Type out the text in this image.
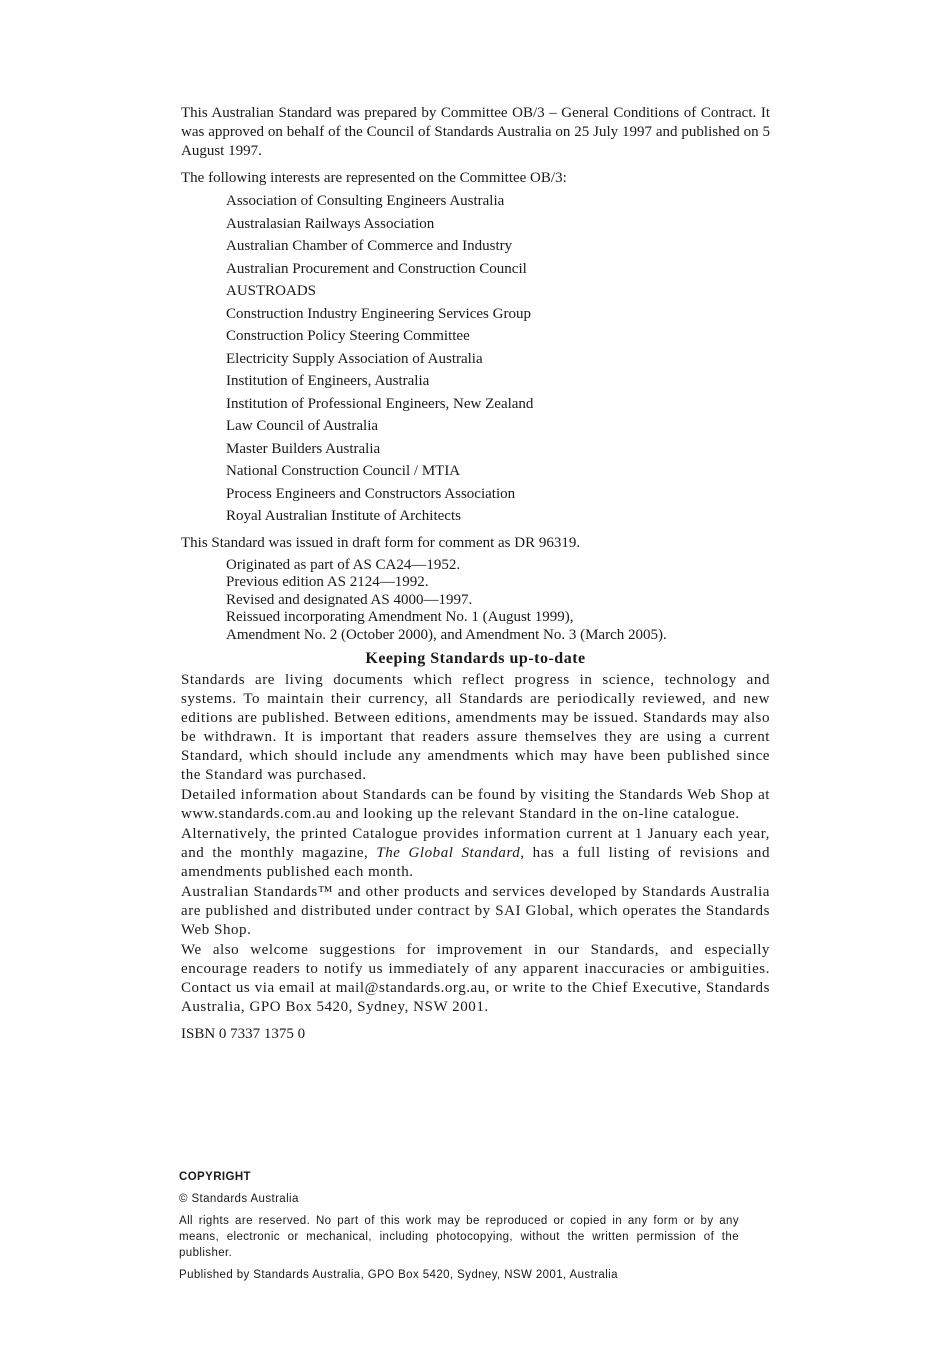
This Australian Standard was prepared by Committee OB/3 – General Conditions of Contract. It was approved on behalf of the Council of Standards Australia on 25 July 1997 and published on 5 August 1997.

The following interests are represented on the Committee OB/3:

Association of Consulting Engineers Australia
Australasian Railways Association
Australian Chamber of Commerce and Industry
Australian Procurement and Construction Council
AUSTROADS
Construction Industry Engineering Services Group
Construction Policy Steering Committee
Electricity Supply Association of Australia
Institution of Engineers, Australia
Institution of Professional Engineers, New Zealand
Law Council of Australia
Master Builders Australia
National Construction Council / MTIA
Process Engineers and Constructors Association
Royal Australian Institute of Architects

This Standard was issued in draft form for comment as DR 96319.

Originated as part of AS CA24—1952.
Previous edition AS 2124—1992.
Revised and designated AS 4000—1997.
Reissued incorporating Amendment No. 1 (August 1999),
Amendment No. 2 (October 2000), and Amendment No. 3 (March 2005).
Keeping Standards up-to-date

Standards are living documents which reflect progress in science, technology and systems. To maintain their currency, all Standards are periodically reviewed, and new editions are published. Between editions, amendments may be issued. Standards may also be withdrawn. It is important that readers assure themselves they are using a current Standard, which should include any amendments which may have been published since the Standard was purchased.

Detailed information about Standards can be found by visiting the Standards Web Shop at www.standards.com.au and looking up the relevant Standard in the on-line catalogue.

Alternatively, the printed Catalogue provides information current at 1 January each year, and the monthly magazine, The Global Standard, has a full listing of revisions and amendments published each month.

Australian Standards™ and other products and services developed by Standards Australia are published and distributed under contract by SAI Global, which operates the Standards Web Shop.

We also welcome suggestions for improvement in our Standards, and especially encourage readers to notify us immediately of any apparent inaccuracies or ambiguities. Contact us via email at mail@standards.org.au, or write to the Chief Executive, Standards Australia, GPO Box 5420, Sydney, NSW 2001.

ISBN 0 7337 1375 0

COPYRIGHT
© Standards Australia
All rights are reserved. No part of this work may be reproduced or copied in any form or by any means, electronic or mechanical, including photocopying, without the written permission of the publisher.
Published by Standards Australia, GPO Box 5420, Sydney, NSW 2001, Australia
